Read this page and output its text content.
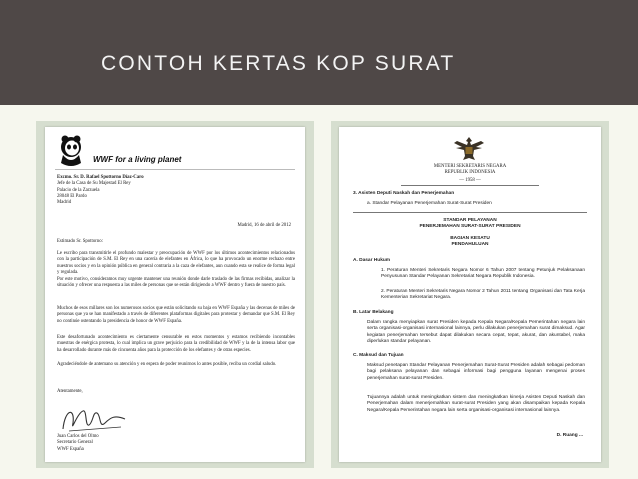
CONTOH KERTAS KOP SURAT
WWF for a living planet
Excmo. Sr. D. Rafael Spottorno Díaz-Caro
Jefe de la Casa de Su Majestad El Rey
Palacio de la Zarzuela
28048 El Pardo
Madrid
Madrid, 16 de abril de 2012
Estimado Sr. Spottorno:
Le escribo para transmitirle el profundo malestar y preocupación de WWF por los últimos acontecimientos relacionados con la participación de S.M. El Rey en una cacería de elefantes en África, lo que ha provocado un enorme rechazo entre nuestros socios y en la opinión pública en general contraria a la caza de elefantes, aun cuando esta se realice de forma legal y regulada.
Por este motivo, consideramos muy urgente mantener una reunión donde darle traslado de las firmas recibidas, analizar la situación y ofrecer una respuesta a las miles de personas que se están dirigiendo a WWF dentro y fuera de nuestro país.
Muchos de esos millares son los numerosos socios que están solicitando su baja en WWF España y las decenas de miles de personas que ya se han manifestado a través de diferentes plataformas digitales para protestar y demandar que S.M. El Rey no continúe ostentando la presidencia de honor de WWF España.
Este desafortunado acontecimiento es ciertamente censurable en estos momentos y estamos recibiendo incontables muestras de enérgica protesta, lo cual implica un grave perjuicio para la credibilidad de WWF y la de la intensa labor que ha desarrollado durante más de cincuenta años para la protección de los elefantes y de otras especies.
Agradeciéndole de antemano su atención y en espera de poder reunirnos lo antes posible, reciba un cordial saludo.
Atentamente,
Juan Carlos del Olmo
Secretario General
WWF España
MENTERI SEKRETARIS NEGARA
REPUBLIK INDONESIA
— 1958 —
3. Asisten Deputi Naskah dan Penerjemahan
a. Standar Pelayanan Penerjemahan Surat-Surat Presiden
STANDAR PELAYANAN
PENERJEMAHAN SURAT-SURAT PRESIDEN
BAGIAN KESATU
PENDAHULUAN
A. Dasar Hukum
1. Peraturan Menteri Sekretaris Negara Nomor 6 Tahun 2007 tentang Petunjuk Pelaksanaan Penyusunan Standar Pelayanan Sekretariat Negara Republik Indonesia.
2. Peraturan Menteri Sekretaris Negara Nomor 2 Tahun 2011 tentang Organisasi dan Tata Kerja Kementerian Sekretariat Negara.
B. Latar Belakang
Dalam rangka menyiapkan surat Presiden kepada Kepala Negara/Kepala Pemerintahan negara lain serta organisasi-organisasi internasional lainnya, perlu dilakukan penerjemahan surat dimaksud. Agar kegiatan penerjemahan tersebut dapat dilakukan secara cepat, tepat, akurat, dan akuntabel, maka diperlukan standar pelayanan.
C. Maksud dan Tujuan
Maksud penetapan Standar Pelayanan Penerjemahan Surat-Surat Presiden adalah sebagai pedoman bagi pelaksana pelayanan dan sebagai informasi bagi pengguna layanan mengenai proses penerjemahan surat-surat Presiden.
Tujuannya adalah untuk meningkatkan sistem dan meningkatkan kinerja Asisten Deputi Naskah dan Penerjemahan dalam menerjemahkan surat-surat Presiden yang akan disampaikan kepada Kepala Negara/Kepala Pemerintahan negara lain serta organisasi-organisasi internasional lainnya.
D. Ruang ...
